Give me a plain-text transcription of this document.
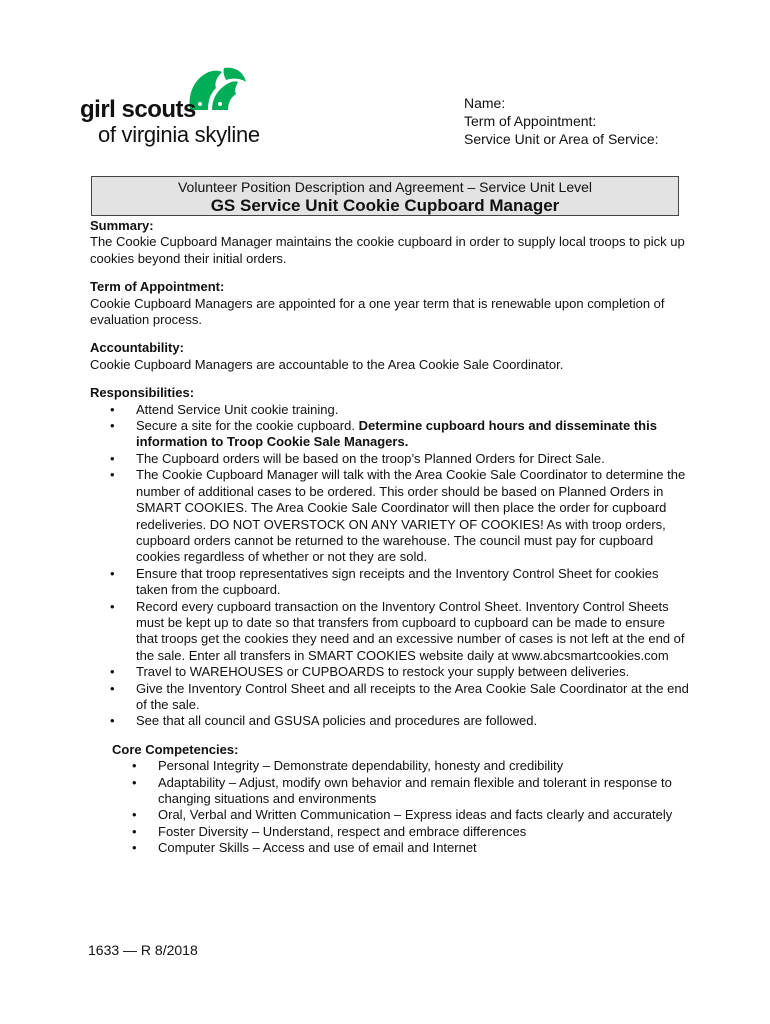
girl scouts
of virginia skyline
Name:
Term of Appointment:
Service Unit or Area of Service:
Volunteer Position Description and Agreement – Service Unit Level
GS Service Unit Cookie Cupboard Manager
Summary:

The Cookie Cupboard Manager maintains the cookie cupboard in order to supply local troops to pick up cookies beyond their initial orders.

Term of Appointment:

Cookie Cupboard Managers are appointed for a one year term that is renewable upon completion of evaluation process.

Accountability:

Cookie Cupboard Managers are accountable to the Area Cookie Sale Coordinator.

Responsibilities:
• Attend Service Unit cookie training.
• Secure a site for the cookie cupboard. Determine cupboard hours and disseminate this information to Troop Cookie Sale Managers.
• The Cupboard orders will be based on the troop’s Planned Orders for Direct Sale.
• The Cookie Cupboard Manager will talk with the Area Cookie Sale Coordinator to determine the number of additional cases to be ordered. This order should be based on Planned Orders in SMART COOKIES. The Area Cookie Sale Coordinator will then place the order for cupboard redeliveries. DO NOT OVERSTOCK ON ANY VARIETY OF COOKIES! As with troop orders, cupboard orders cannot be returned to the warehouse. The council must pay for cupboard cookies regardless of whether or not they are sold.
• Ensure that troop representatives sign receipts and the Inventory Control Sheet for cookies taken from the cupboard.
• Record every cupboard transaction on the Inventory Control Sheet. Inventory Control Sheets must be kept up to date so that transfers from cupboard to cupboard can be made to ensure that troops get the cookies they need and an excessive number of cases is not left at the end of the sale. Enter all transfers in SMART COOKIES website daily at www.abcsmartcookies.com
• Travel to WAREHOUSES or CUPBOARDS to restock your supply between deliveries.
• Give the Inventory Control Sheet and all receipts to the Area Cookie Sale Coordinator at the end of the sale.
• See that all council and GSUSA policies and procedures are followed.
Core Competencies:
• Personal Integrity – Demonstrate dependability, honesty and credibility
• Adaptability – Adjust, modify own behavior and remain flexible and tolerant in response to changing situations and environments
• Oral, Verbal and Written Communication – Express ideas and facts clearly and accurately
• Foster Diversity – Understand, respect and embrace differences
• Computer Skills – Access and use of email and Internet
1633 — R 8/2018
